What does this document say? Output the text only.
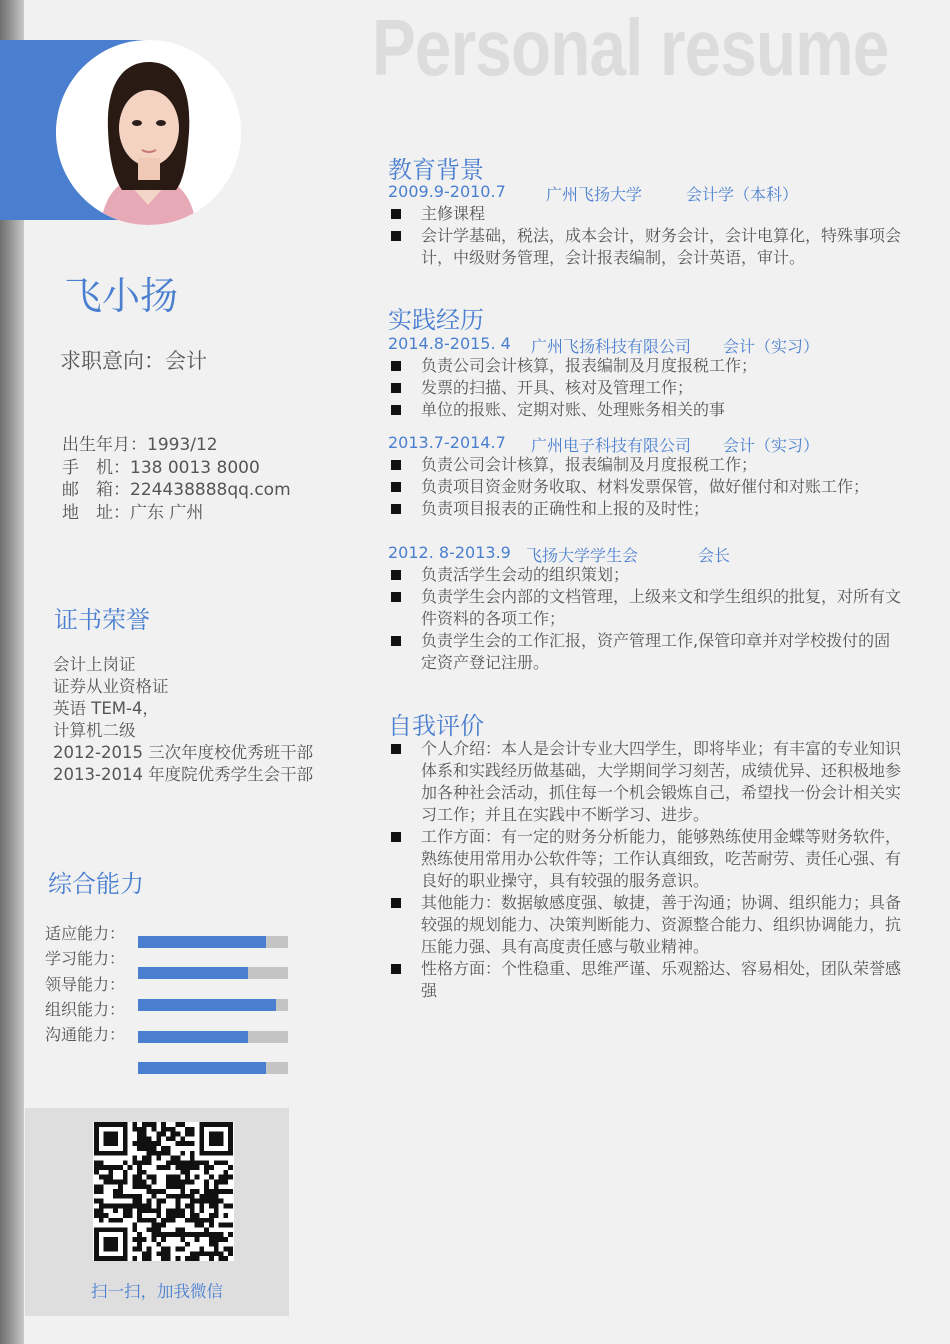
Personal resume
飞小扬
求职意向：会计
出生年月：1993/12
手　机：138 0013 8000
邮　箱：224438888qq.com
地　址：广东 广州
证书荣誉
会计上岗证
证券从业资格证
英语 TEM-4，
计算机二级
2012-2015 三次年度校优秀班干部
2013-2014 年度院优秀学生会干部
综合能力
适应能力：
学习能力：
领导能力：
组织能力：
沟通能力：
扫一扫，加我微信
教育背景
2009.9-2010.7	广州飞扬大学	会计学（本科）
主修课程
会计学基础，税法，成本会计，财务会计，会计电算化，特殊事项会计，中级财务管理，会计报表编制，会计英语，审计。
实践经历
2014.8-2015. 4 广州飞扬科技有限公司 会计（实习）
负责公司会计核算，报表编制及月度报税工作；
发票的扫描、开具、核对及管理工作；
单位的报账、定期对账、处理账务相关的事
2013.7-2014.7 广州电子科技有限公司 会计（实习）
负责公司会计核算，报表编制及月度报税工作；
负责项目资金财务收取、材料发票保管，做好催付和对账工作；
负责项目报表的正确性和上报的及时性；
2012. 8-2013.9 飞扬大学学生会	会长
负责活学生会动的组织策划；
负责学生会内部的文档管理，上级来文和学生组织的批复，对所有文件资料的各项工作；
负责学生会的工作汇报，资产管理工作,保管印章并对学校拨付的固定资产登记注册。
自我评价
个人介绍：本人是会计专业大四学生，即将毕业；有丰富的专业知识体系和实践经历做基础，大学期间学习刻苦，成绩优异、还积极地参加各种社会活动，抓住每一个机会锻炼自己，希望找一份会计相关实习工作；并且在实践中不断学习、进步。
工作方面：有一定的财务分析能力，能够熟练使用金蝶等财务软件，熟练使用常用办公软件等；工作认真细致，吃苦耐劳、责任心强、有良好的职业操守，具有较强的服务意识。
其他能力：数据敏感度强、敏捷，善于沟通；协调、组织能力；具备较强的规划能力、决策判断能力、资源整合能力、组织协调能力，抗压能力强、具有高度责任感与敬业精神。
性格方面：个性稳重、思维严谨、乐观豁达、容易相处，团队荣誉感强
